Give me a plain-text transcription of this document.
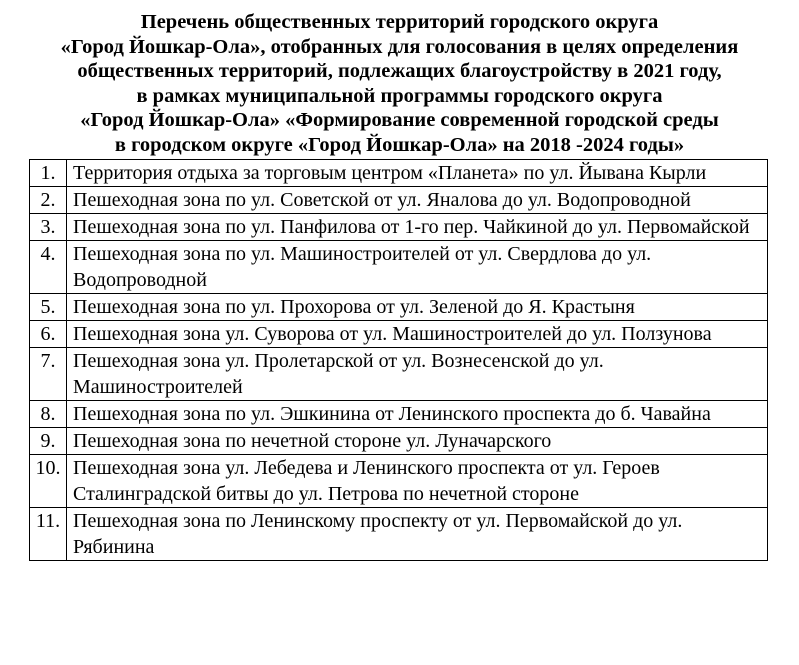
Перечень общественных территорий городского округа
«Город Йошкар-Ола», отобранных для голосования в целях определения
общественных территорий, подлежащих благоустройству в 2021 году,
в рамках муниципальной программы городского округа
«Город Йошкар-Ола» «Формирование современной городской среды
в городском округе «Город Йошкар-Ола» на 2018 -2024 годы»
1.	Территория отдыха за торговым центром «Планета» по ул. Йывана Кырли
2.	Пешеходная зона по ул. Советской от ул. Яналова до ул. Водопроводной
3.	Пешеходная зона по ул. Панфилова от 1-го пер. Чайкиной до ул. Первомайской
4.	Пешеходная зона по ул. Машиностроителей от ул. Свердлова до ул. Водопроводной
5.	Пешеходная зона по ул. Прохорова от ул. Зеленой до Я. Крастыня
6.	Пешеходная зона ул. Суворова от ул. Машиностроителей до ул. Ползунова
7.	Пешеходная зона ул. Пролетарской от ул. Вознесенской до ул. Машиностроителей
8.	Пешеходная зона по ул. Эшкинина от Ленинского проспекта до б. Чавайна
9.	Пешеходная зона по нечетной стороне ул. Луначарского
10.	Пешеходная зона ул. Лебедева и Ленинского проспекта от ул. Героев Сталинградской битвы до ул. Петрова по нечетной стороне
11.	Пешеходная зона по Ленинскому проспекту от ул. Первомайской до ул. Рябинина
